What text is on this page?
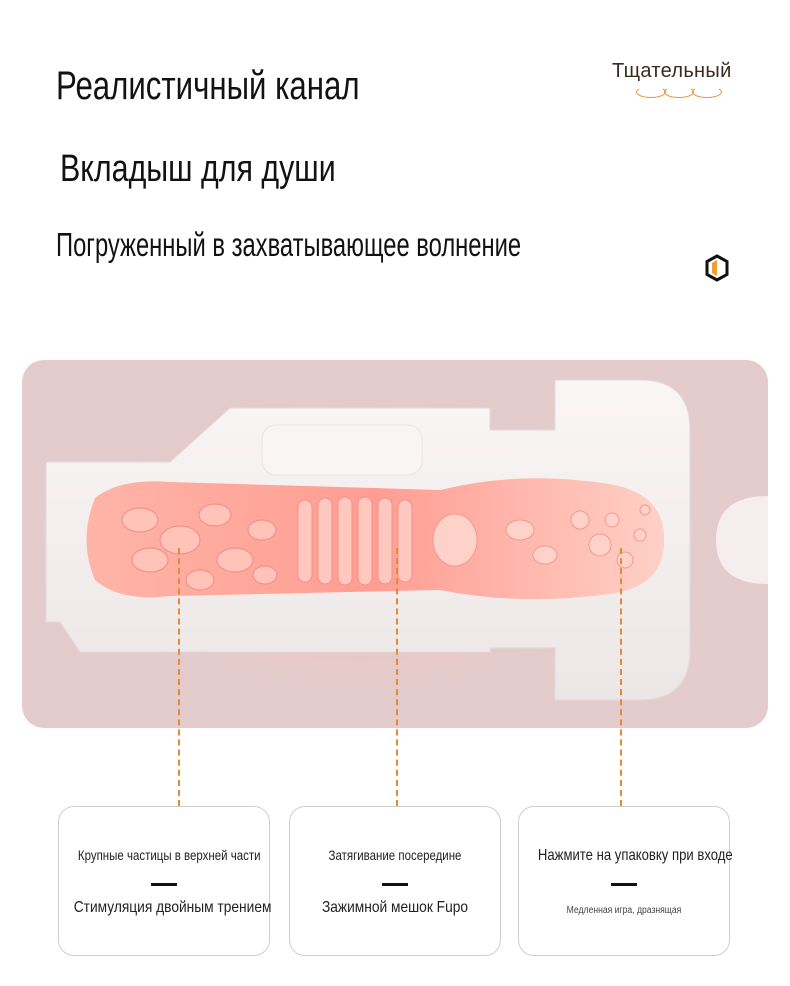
Реалистичный канал
Вкладыш для души
Погруженный в захватывающее волнение
Тщательный
Крупные частицы в верхней части
Стимуляция двойным трением
Затягивание посередине
Зажимной мешок Fupo
Нажмите на упаковку при входе
Медленная игра, дразнящая
